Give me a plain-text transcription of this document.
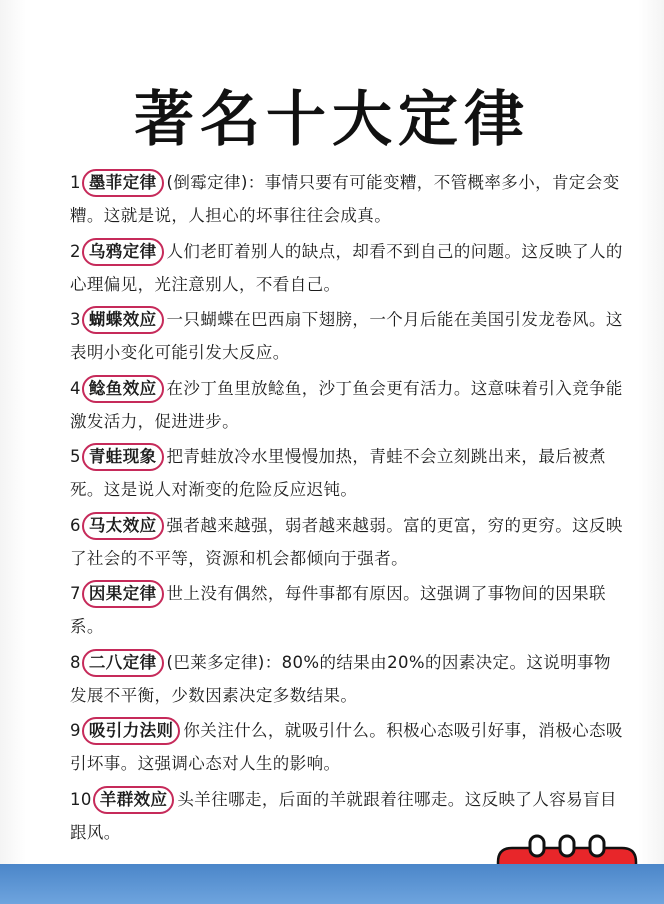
著名十大定律
1 墨菲定律 (倒霉定律)：事情只要有可能变糟，不管概率多小，肯定会变糟。这就是说，人担心的坏事往往会成真。
2 乌鸦定律 人们老盯着别人的缺点，却看不到自己的问题。这反映了人的心理偏见，光注意别人，不看自己。
3 蝴蝶效应 一只蝴蝶在巴西扇下翅膀，一个月后能在美国引发龙卷风。这表明小变化可能引发大反应。
4 鲶鱼效应 在沙丁鱼里放鲶鱼，沙丁鱼会更有活力。这意味着引入竞争能激发活力，促进进步。
5 青蛙现象 把青蛙放冷水里慢慢加热，青蛙不会立刻跳出来，最后被煮死。这是说人对渐变的危险反应迟钝。
6 马太效应 强者越来越强，弱者越来越弱。富的更富，穷的更穷。这反映了社会的不平等，资源和机会都倾向于强者。
7 因果定律 世上没有偶然，每件事都有原因。这强调了事物间的因果联系。
8 二八定律 (巴莱多定律)：80%的结果由20%的因素决定。这说明事物发展不平衡，少数因素决定多数结果。
9 吸引力法则 你关注什么，就吸引什么。积极心态吸引好事，消极心态吸引坏事。这强调心态对人生的影响。
10 羊群效应 头羊往哪走，后面的羊就跟着往哪走。这反映了人容易盲目跟风。
